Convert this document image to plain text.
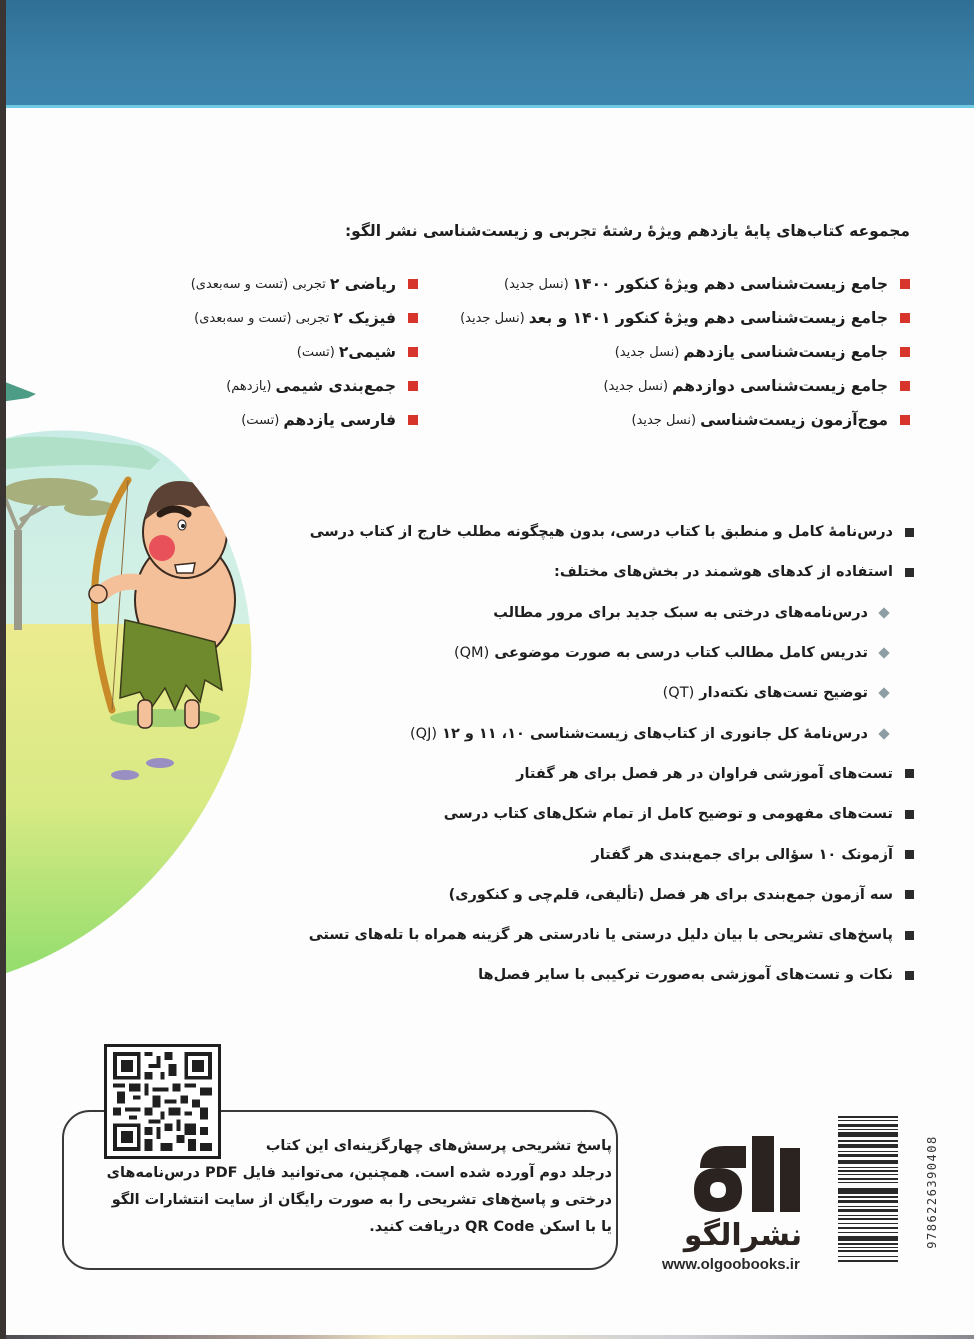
مجموعه کتاب‌های پایهٔ یازدهم ویژهٔ رشتهٔ تجربی و زیست‌شناسی نشر الگو:
جامع زیست‌شناسی دهم ویژهٔ کنکور ۱۴۰۰
(نسل جدید)
جامع زیست‌شناسی دهم ویژهٔ کنکور ۱۴۰۱ و بعد
(نسل جدید)
جامع زیست‌شناسی یازدهم
(نسل جدید)
جامع زیست‌شناسی دوازدهم
(نسل جدید)
موج‌آزمون زیست‌شناسی
(نسل جدید)
ریاضی ۲
تجربی (تست و سه‌بعدی)
فیزیک ۲
تجربی (تست و سه‌بعدی)
شیمی۲
(تست)
جمع‌بندی شیمی
(یازدهم)
فارسی یازدهم
(تست)
درس‌نامهٔ کامل و منطبق با کتاب درسی، بدون هیچگونه مطلب خارج از کتاب درسی
استفاده از کدهای هوشمند در بخش‌های مختلف:
درس‌نامه‌های درختی به سبک جدید برای مرور مطالب
تدریس کامل مطالب کتاب درسی به صورت موضوعی

(QM)
توضیح تست‌های نکته‌دار

(QT)
درس‌نامهٔ کل جانوری از کتاب‌های زیست‌شناسی ۱۰، ۱۱ و ۱۲

(QJ)
تست‌های آموزشی فراوان در هر فصل برای هر گفتار
تست‌های مفهومی و توضیح کامل از تمام شکل‌های کتاب درسی
آزمونک ۱۰ سؤالی برای جمع‌بندی هر گفتار
سه آزمون جمع‌بندی برای هر فصل (تألیفی، قلم‌چی و کنکوری)
پاسخ‌های تشریحی با بیان دلیل درستی یا نادرستی هر گزینه همراه با تله‌های تستی
نکات و تست‌های آموزشی به‌صورت ترکیبی با سایر فصل‌ها

پاسخ تشریحی پرسش‌های چهارگزینه‌ای این کتاب

درجلد دوم آورده شده است. همچنین، می‌توانید فایل PDF درس‌نامه‌های

درختی و پاسخ‌های تشریحی را به صورت رایگان از سایت انتشارات الگو

یا با اسکن QR Code دریافت کنید. نشرالگو
www.olgoobooks.ir
9786226390408
